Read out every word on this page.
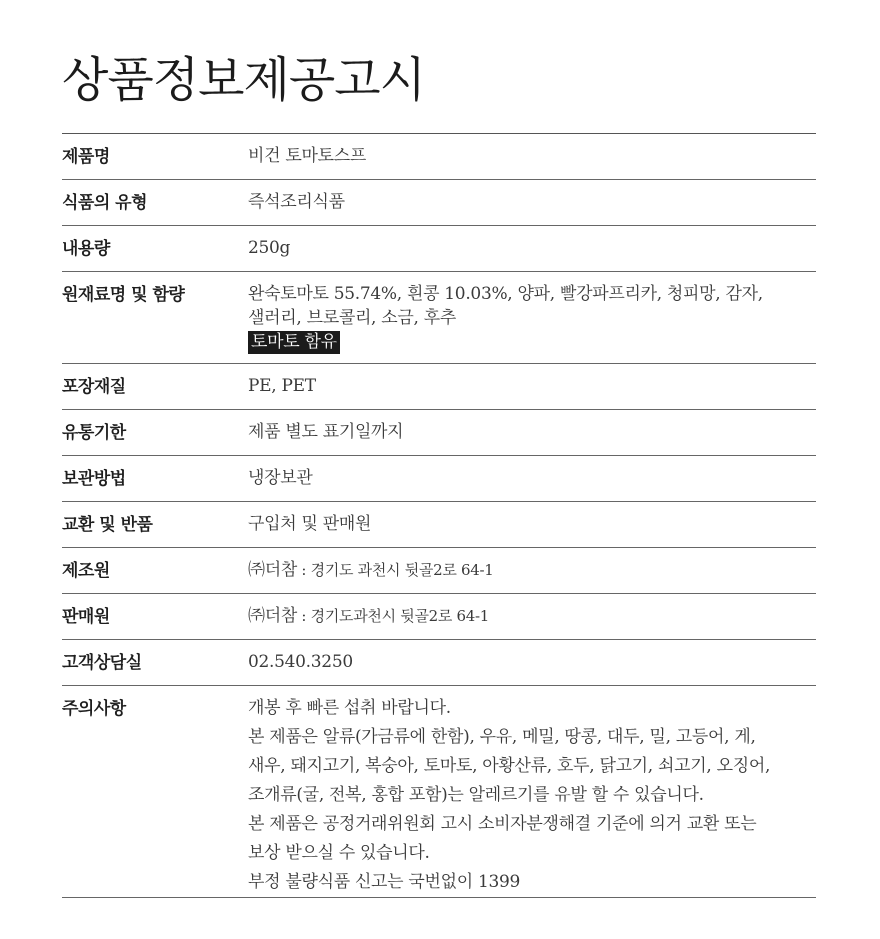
상품정보제공고시
제품명	비건 토마토스프
식품의 유형	즉석조리식품
내용량	250g
원재료명 및 함량	완숙토마토 55.74%, 흰콩 10.03%, 양파, 빨강파프리카, 청피망, 감자,
샐러리, 브로콜리, 소금, 후추
토마토 함유
포장재질	PE, PET
유통기한	제품 별도 표기일까지
보관방법	냉장보관
교환 및 반품	구입처 및 판매원
제조원	㈜더참 : 경기도 과천시 뒷골2로 64-1
판매원	㈜더참 : 경기도과천시 뒷골2로 64-1
고객상담실	02.540.3250
주의사항	개봉 후 빠른 섭취 바랍니다.
본 제품은 알류(가금류에 한함), 우유, 메밀, 땅콩, 대두, 밀, 고등어, 게,
새우, 돼지고기, 복숭아, 토마토, 아황산류, 호두, 닭고기, 쇠고기, 오징어,
조개류(굴, 전복, 홍합 포함)는 알레르기를 유발 할 수 있습니다.
본 제품은 공정거래위원회 고시 소비자분쟁해결 기준에 의거 교환 또는
보상 받으실 수 있습니다.
부정 불량식품 신고는 국번없이 1399
